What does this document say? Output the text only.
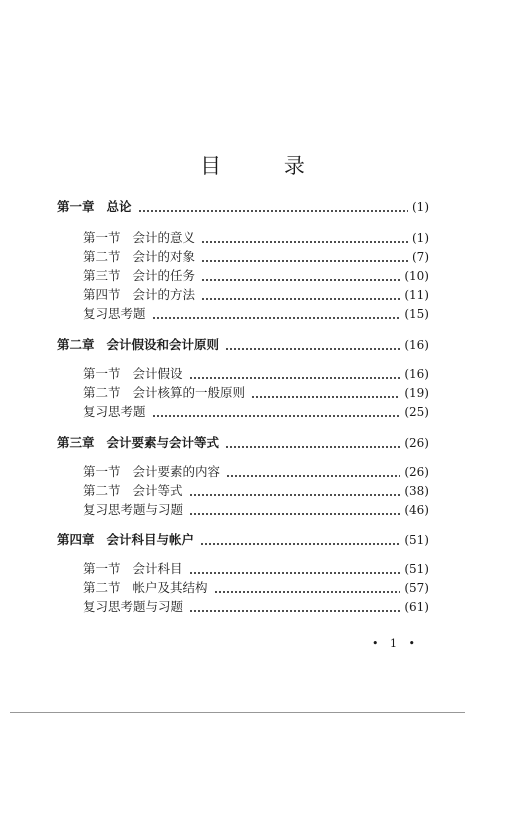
目 录
第一章 总论	(1)
第一节 会计的意义	(1)
第二节 会计的对象	(7)
第三节 会计的任务	(10)
第四节 会计的方法	(11)
复习思考题	(15)
第二章 会计假设和会计原则	(16)
第一节 会计假设	(16)
第二节 会计核算的一般原则	(19)
复习思考题	(25)
第三章 会计要素与会计等式	(26)
第一节 会计要素的内容	(26)
第二节 会计等式	(38)
复习思考题与习题	(46)
第四章 会计科目与帐户	(51)
第一节 会计科目	(51)
第二节 帐户及其结构	(57)
复习思考题与习题	(61)
• 1 •
